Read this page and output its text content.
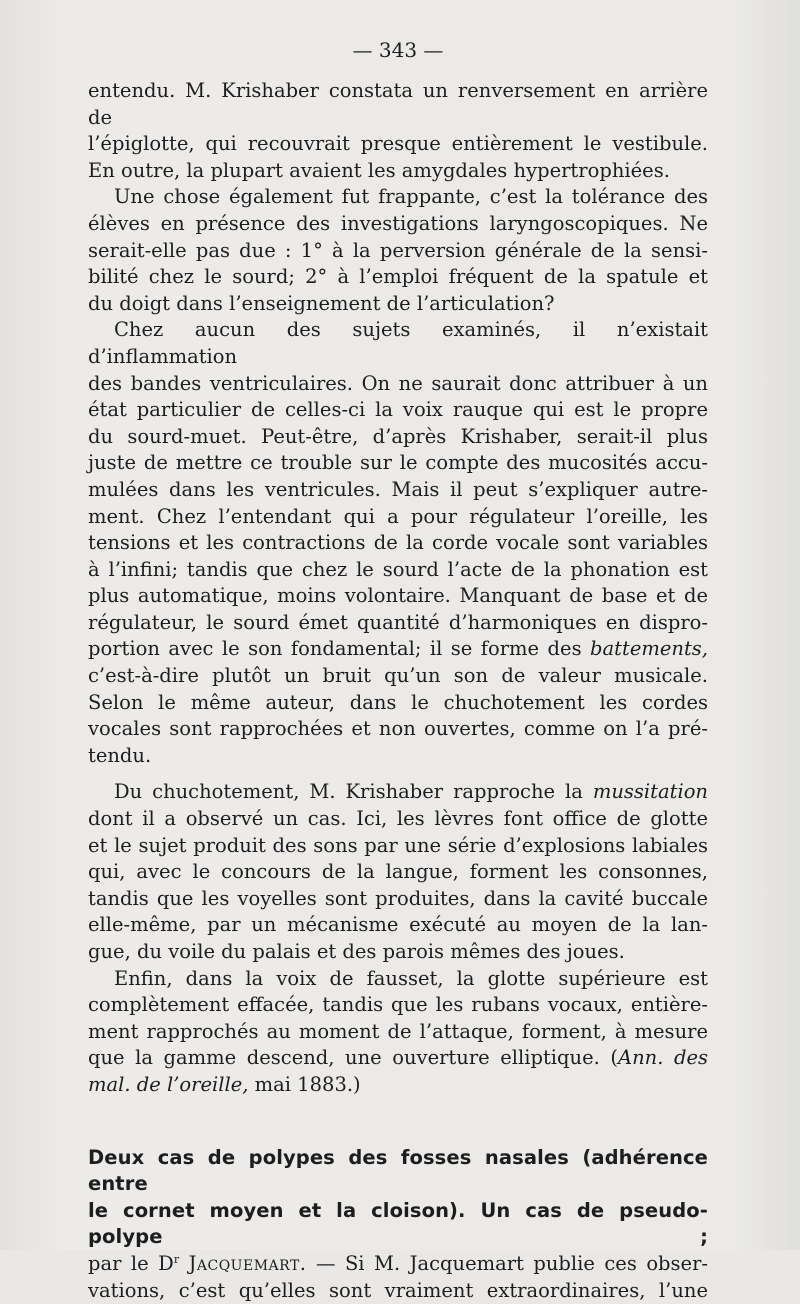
— 343 —

entendu. M. Krishaber constata un renversement en arrière de

l’épiglotte, qui recouvrait presque entièrement le vestibule.

En outre, la plupart avaient les amygdales hypertrophiées.

Une chose également fut frappante, c’est la tolérance des

élèves en présence des investigations laryngoscopiques. Ne

serait-elle pas due : 1° à la perversion générale de la sensi-

bilité chez le sourd; 2° à l’emploi fréquent de la spatule et

du doigt dans l’enseignement de l’articulation?

Chez aucun des sujets examinés, il n’existait d’inflammation

des bandes ventriculaires. On ne saurait donc attribuer à un

état particulier de celles-ci la voix rauque qui est le propre

du sourd-muet. Peut-être, d’après Krishaber, serait-il plus

juste de mettre ce trouble sur le compte des mucosités accu-

mulées dans les ventricules. Mais il peut s’expliquer autre-

ment. Chez l’entendant qui a pour régulateur l’oreille, les

tensions et les contractions de la corde vocale sont variables

à l’infini; tandis que chez le sourd l’acte de la phonation est

plus automatique, moins volontaire. Manquant de base et de

régulateur, le sourd émet quantité d’harmoniques en dispro-

portion avec le son fondamental; il se forme des battements,

c’est-à-dire plutôt un bruit qu’un son de valeur musicale.

Selon le même auteur, dans le chuchotement les cordes

vocales sont rapprochées et non ouvertes, comme on l’a pré-

tendu.

Du chuchotement, M. Krishaber rapproche la mussitation

dont il a observé un cas. Ici, les lèvres font office de glotte

et le sujet produit des sons par une série d’explosions labiales

qui, avec le concours de la langue, forment les consonnes,

tandis que les voyelles sont produites, dans la cavité buccale

elle-même, par un mécanisme exécuté au moyen de la lan-

gue, du voile du palais et des parois mêmes des joues.

Enfin, dans la voix de fausset, la glotte supérieure est

complètement effacée, tandis que les rubans vocaux, entière-

ment rapprochés au moment de l’attaque, forment, à mesure

que la gamme descend, une ouverture elliptique. (Ann. des

mal. de l’oreille, mai 1883.)

Deux cas de polypes des fosses nasales (adhérence entre

le cornet moyen et la cloison). Un cas de pseudo-polype ;

par le $D^r$ Jacquemart. — Si M. Jacquemart publie ces obser-

vations, c’est qu’elles sont vraiment extraordinaires, l’une
